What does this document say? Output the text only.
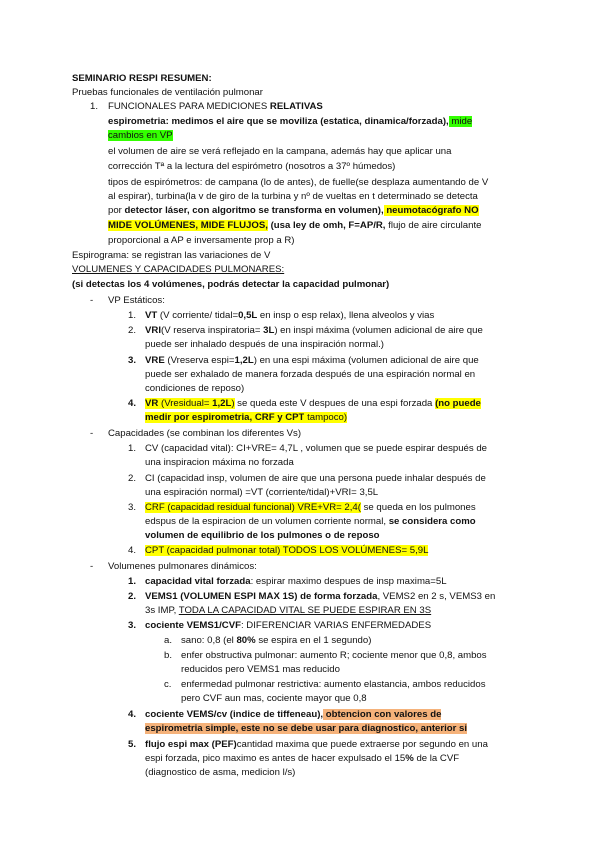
SEMINARIO RESPI RESUMEN:
Pruebas funcionales de ventilación pulmonar
1. FUNCIONALES PARA MEDICIONES RELATIVAS
espirometria: medimos el aire que se moviliza (estatica, dinamica/forzada), mide
cambios en VP
el volumen de aire se verá reflejado en la campana, además hay que aplicar una
corrección Tª a la lectura del espirómetro (nosotros a 37º húmedos)
tipos de espirómetros: de campana (lo de antes), de fuelle(se desplaza aumentando de V
al espirar), turbina(la v de giro de la turbina y nº de vueltas en t determinado se detecta
por detector láser, con algoritmo se transforma en volumen), neumotacógrafo NO
MIDE VOLÚMENES, MIDE FLUJOS, (usa ley de omh, F=AP/R, flujo de aire circulante
proporcional a AP e inversamente prop a R)
Espirograma: se registran las variaciones de V
VOLUMENES Y CAPACIDADES PULMONARES:
(si detectas los 4 volúmenes, podrás detectar la capacidad pulmonar)
- VP Estáticos:
1. VT (V corriente/ tidal=0,5L en insp o esp relax), llena alveolos y vias
2. VRI(V reserva inspiratoria= 3L) en inspi máxima (volumen adicional de aire que
puede ser inhalado después de una inspiración normal.)
3. VRE (Vreserva espi=1,2L) en una espi máxima (volumen adicional de aire que
puede ser exhalado de manera forzada después de una espiración normal en
condiciones de reposo)
4. VR (Vresidual= 1,2L) se queda este V despues de una espi forzada (no puede
medir por espirometria, CRF y CPT tampoco)
- Capacidades (se combinan los diferentes Vs)
1. CV (capacidad vital): CI+VRE= 4,7L , volumen que se puede espirar después de
una inspiracion máxima no forzada
2. CI (capacidad insp, volumen de aire que una persona puede inhalar después de
una espiración normal) =VT (corriente/tidal)+VRI= 3,5L
3. CRF (capacidad residual funcional) VRE+VR= 2,4( se queda en los pulmones
edspus de la espiracion de un volumen corriente normal, se considera como
volumen de equilibrio de los pulmones o de reposo
4. CPT (capacidad pulmonar total) TODOS LOS VOLÚMENES= 5,9L
- Volumenes pulmonares dinámicos:
1. capacidad vital forzada: espirar maximo despues de insp maxima=5L
2. VEMS1 (VOLUMEN ESPI MAX 1S) de forma forzada, VEMS2 en 2 s, VEMS3 en
3s IMP, TODA LA CAPACIDAD VITAL SE PUEDE ESPIRAR EN 3S
3. cociente VEMS1/CVF: DIFERENCIAR VARIAS ENFERMEDADES
a. sano: 0,8 (el 80% se espira en el 1 segundo)
b. enfer obstructiva pulmonar: aumento R; cociente menor que 0,8, ambos
reducidos pero VEMS1 mas reducido
c. enfermedad pulmonar restrictiva: aumento elastancia, ambos reducidos
pero CVF aun mas, cociente mayor que 0,8
4. cociente VEMS/cv (indice de tiffeneau), obtencion con valores de
espirometria simple, este no se debe usar para diagnostico, anterior si
5. flujo espi max (PEF)cantidad maxima que puede extraerse por segundo en una
espi forzada, pico maximo es antes de hacer expulsado el 15% de la CVF
(diagnostico de asma, medicion l/s)
